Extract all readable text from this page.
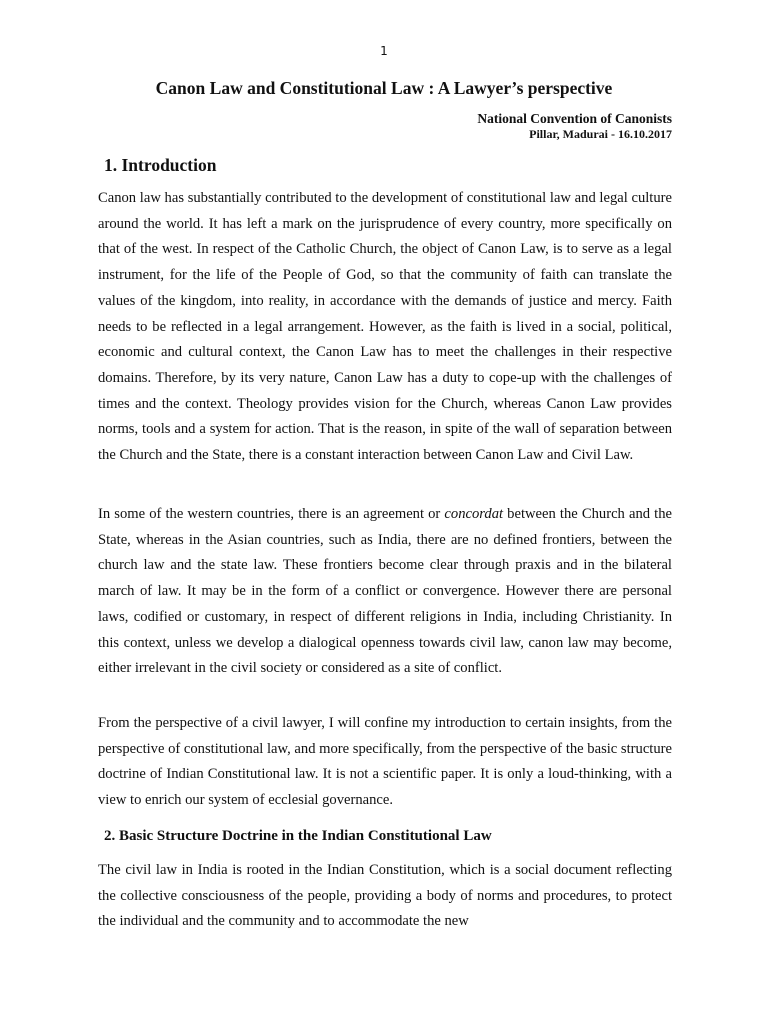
1
Canon Law and Constitutional Law : A Lawyer’s perspective
National Convention of Canonists
Pillar, Madurai - 16.10.2017
1. Introduction

Canon law has substantially contributed to the development of constitutional law and legal culture around the world. It has left a mark on the jurisprudence of every country, more specifically on that of the west. In respect of the Catholic Church, the object of Canon Law, is to serve as a legal instrument, for the life of the People of God, so that the community of faith can translate the values of the kingdom, into reality, in accordance with the demands of justice and mercy. Faith needs to be reflected in a legal arrangement. However, as the faith is lived in a social, political, economic and cultural context, the Canon Law has to meet the challenges in their respective domains. Therefore, by its very nature, Canon Law has a duty to cope-up with the challenges of times and the context. Theology provides vision for the Church, whereas Canon Law provides norms, tools and a system for action. That is the reason, in spite of the wall of separation between the Church and the State, there is a constant interaction between Canon Law and Civil Law.

In some of the western countries, there is an agreement or concordat between the Church and the State, whereas in the Asian countries, such as India, there are no defined frontiers, between the church law and the state law. These frontiers become clear through praxis and in the bilateral march of law. It may be in the form of a conflict or convergence. However there are personal laws, codified or customary, in respect of different religions in India, including Christianity. In this context, unless we develop a dialogical openness towards civil law, canon law may become, either irrelevant in the civil society or considered as a site of conflict.

From the perspective of a civil lawyer, I will confine my introduction to certain insights, from the perspective of constitutional law, and more specifically, from the perspective of the basic structure doctrine of Indian Constitutional law. It is not a scientific paper. It is only a loud-thinking, with a view to enrich our system of ecclesial governance.

2. Basic Structure Doctrine in the Indian Constitutional Law

The civil law in India is rooted in the Indian Constitution, which is a social document reflecting the collective consciousness of the people, providing a body of norms and procedures, to protect the individual and the community and to accommodate the new
